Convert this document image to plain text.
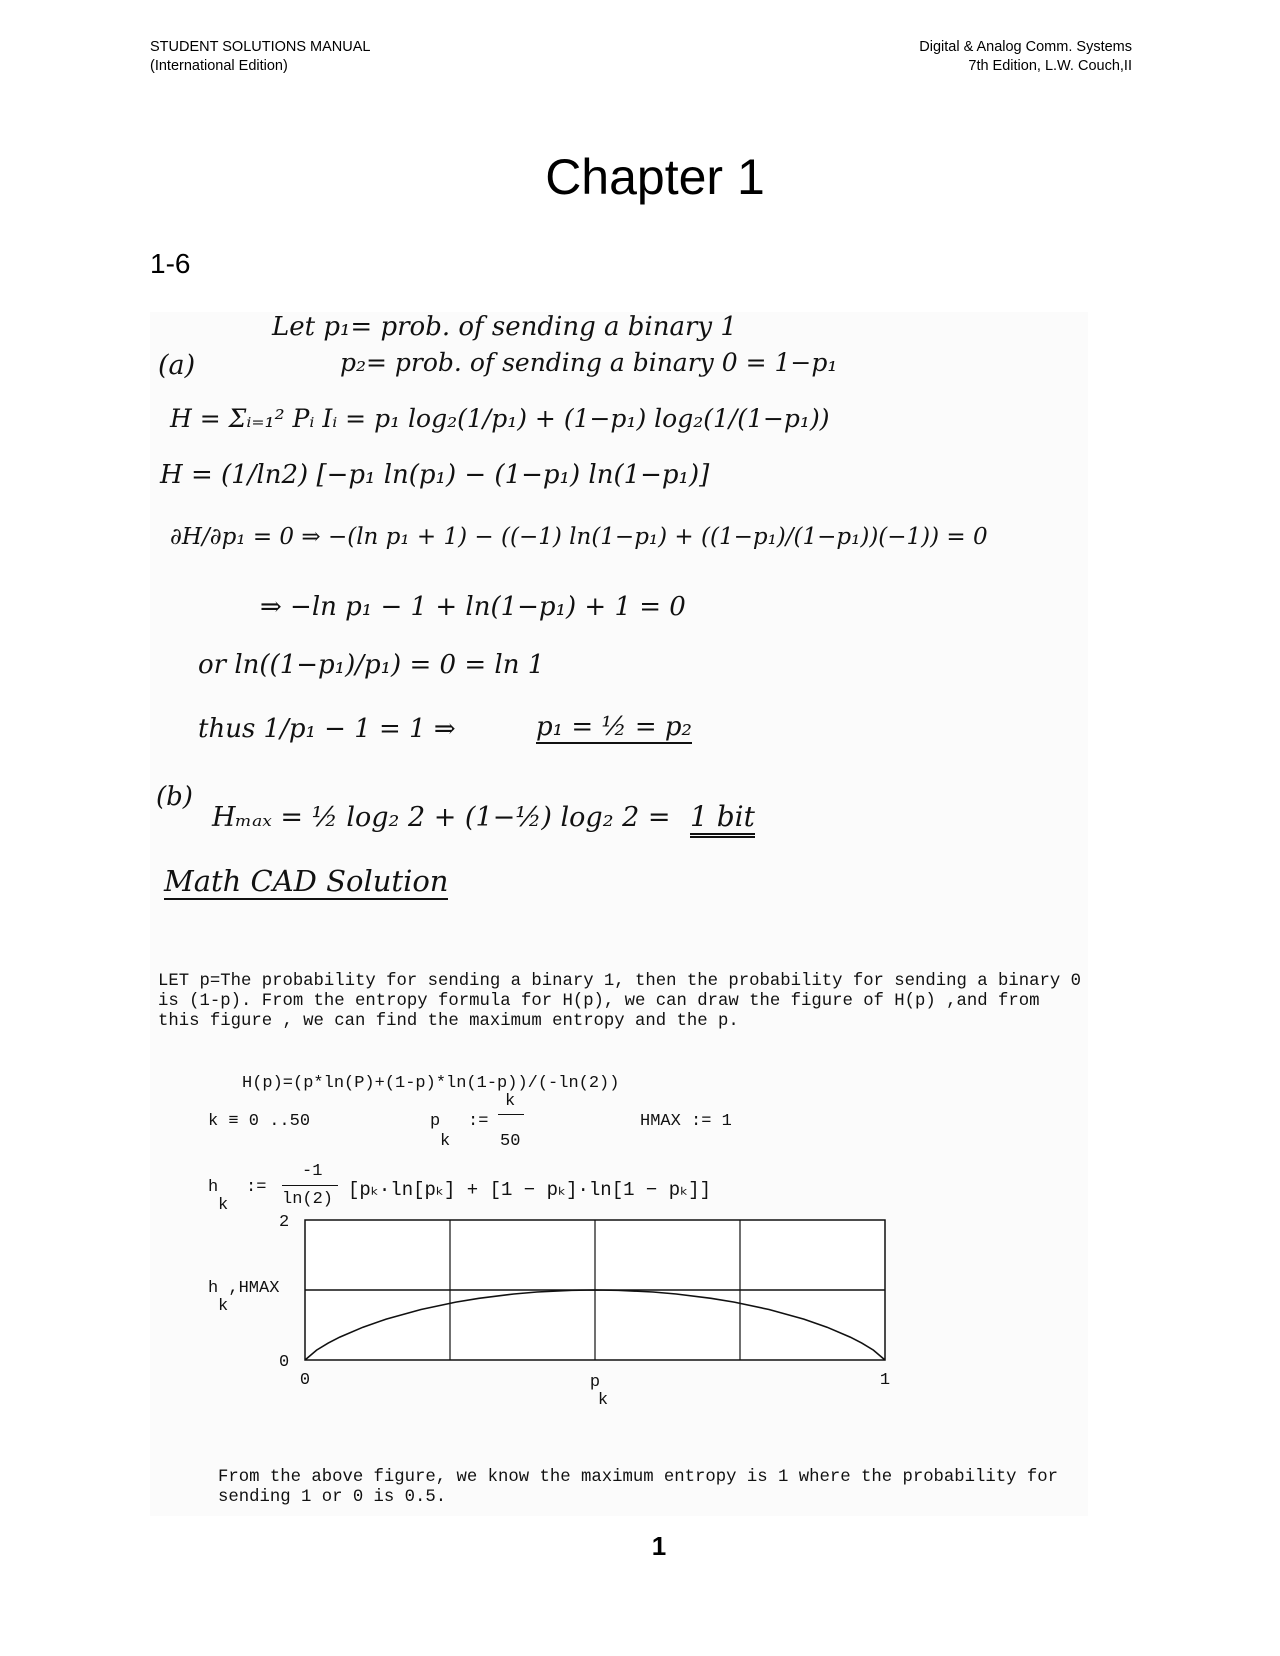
STUDENT SOLUTIONS MANUAL
(International Edition)
Digital & Analog Comm. Systems
7th Edition, L.W. Couch,II
Chapter 1
1-6
Let p₁= prob. of sending a binary 1
(a)	p₂= prob. of sending a binary 0 = 1−p₁
H = Σᵢ₌₁² Pᵢ Iᵢ = p₁ log₂(1/p₁) + (1−p₁) log₂(1/(1−p₁))
H = (1/ln2) [−p₁ ln(p₁) − (1−p₁) ln(1−p₁)]
∂H/∂p₁ = 0 ⇒ −(ln p₁ + 1) − ((−1) ln(1−p₁) + ((1−p₁)/(1−p₁))(−1)) = 0
⇒ −ln p₁ − 1 + ln(1−p₁) + 1 = 0
or ln((1−p₁)/p₁) = 0 = ln 1
thus 1/p₁ − 1 = 1 ⇒	p₁ = ½ = p₂
(b)
Hₘₐₓ = ½ log₂ 2 + (1−½) log₂ 2 = 1 bit
Math CAD Solution

LET p=The probability for sending a binary 1, then the probability for sending a binary 0 is (1-p). From the entropy formula for H(p), we can draw the figure of H(p) ,and from this figure , we can find the maximum entropy and the p.

H(p)=(p*ln(P)+(1-p)*ln(1-p))/(-ln(2))
k ≡ 0 ..50	p
k
:=
k
50
HMAX := 1
h
k
:=
-1
ln(2) [pₖ·ln[pₖ] + [1 − pₖ]·ln[1 − pₖ]]
2
0
0	1
h ,HMAX
k
p
k

From the above figure, we know the maximum entropy is 1 where the probability for sending 1 or 0 is 0.5.

1
